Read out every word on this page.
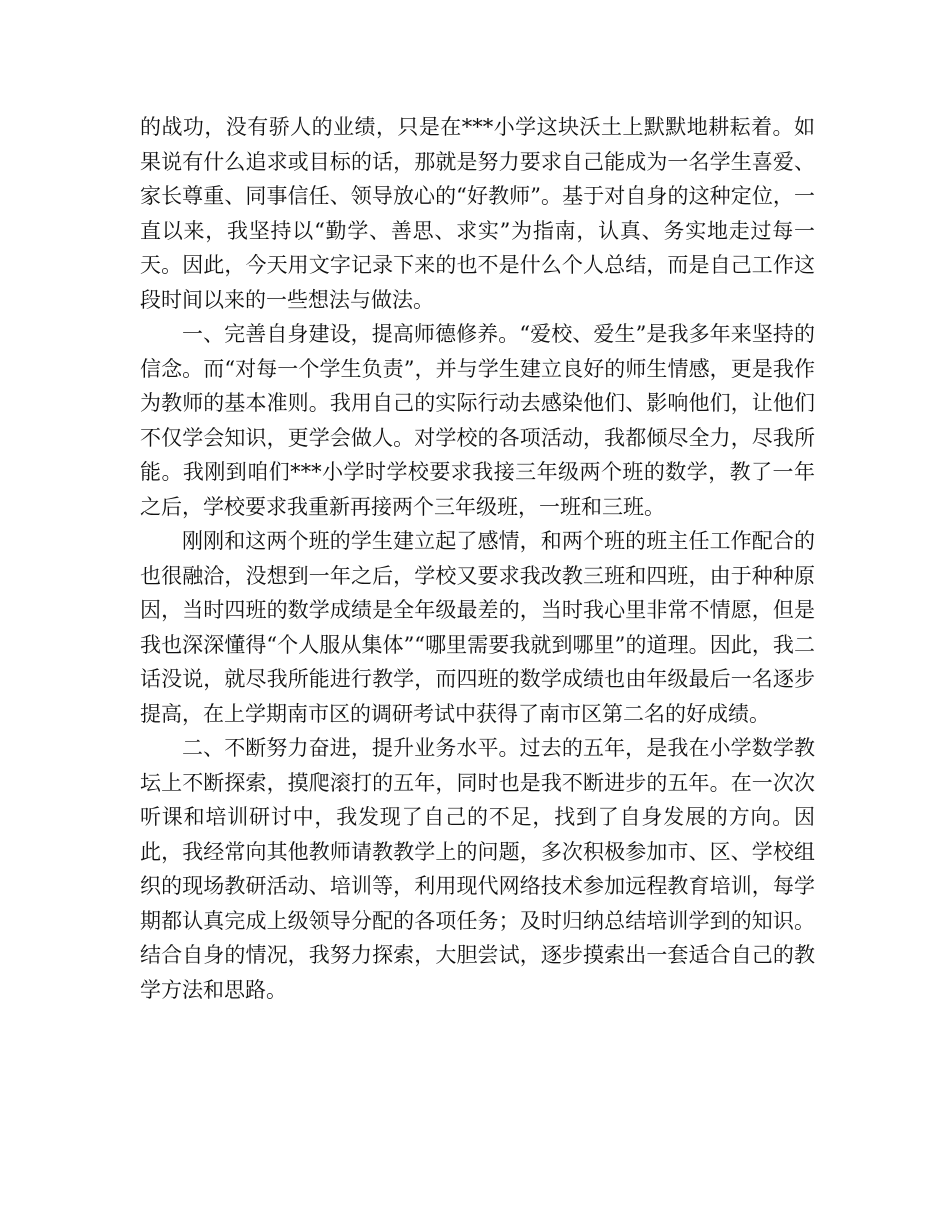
的战功，没有骄人的业绩，只是在***小学这块沃土上默默地耕耘着。如果说有什么追求或目标的话，那就是努力要求自己能成为一名学生喜爱、家长尊重、同事信任、领导放心的“好教师”。基于对自身的这种定位，一直以来，我坚持以“勤学、善思、求实”为指南，认真、务实地走过每一天。因此，今天用文字记录下来的也不是什么个人总结，而是自己工作这段时间以来的一些想法与做法。

一、完善自身建设，提高师德修养。“爱校、爱生”是我多年来坚持的信念。而“对每一个学生负责”，并与学生建立良好的师生情感，更是我作为教师的基本准则。我用自己的实际行动去感染他们、影响他们，让他们不仅学会知识，更学会做人。对学校的各项活动，我都倾尽全力，尽我所能。我刚到咱们***小学时学校要求我接三年级两个班的数学，教了一年之后，学校要求我重新再接两个三年级班，一班和三班。

刚刚和这两个班的学生建立起了感情，和两个班的班主任工作配合的也很融洽，没想到一年之后，学校又要求我改教三班和四班，由于种种原因，当时四班的数学成绩是全年级最差的，当时我心里非常不情愿，但是我也深深懂得“个人服从集体”“哪里需要我就到哪里”的道理。因此，我二话没说，就尽我所能进行教学，而四班的数学成绩也由年级最后一名逐步提高，在上学期南市区的调研考试中获得了南市区第二名的好成绩。

二、不断努力奋进，提升业务水平。过去的五年，是我在小学数学教坛上不断探索，摸爬滚打的五年，同时也是我不断进步的五年。在一次次听课和培训研讨中，我发现了自己的不足，找到了自身发展的方向。因此，我经常向其他教师请教教学上的问题，多次积极参加市、区、学校组织的现场教研活动、培训等，利用现代网络技术参加远程教育培训，每学期都认真完成上级领导分配的各项任务；及时归纳总结培训学到的知识。结合自身的情况，我努力探索，大胆尝试，逐步摸索出一套适合自己的教学方法和思路。
